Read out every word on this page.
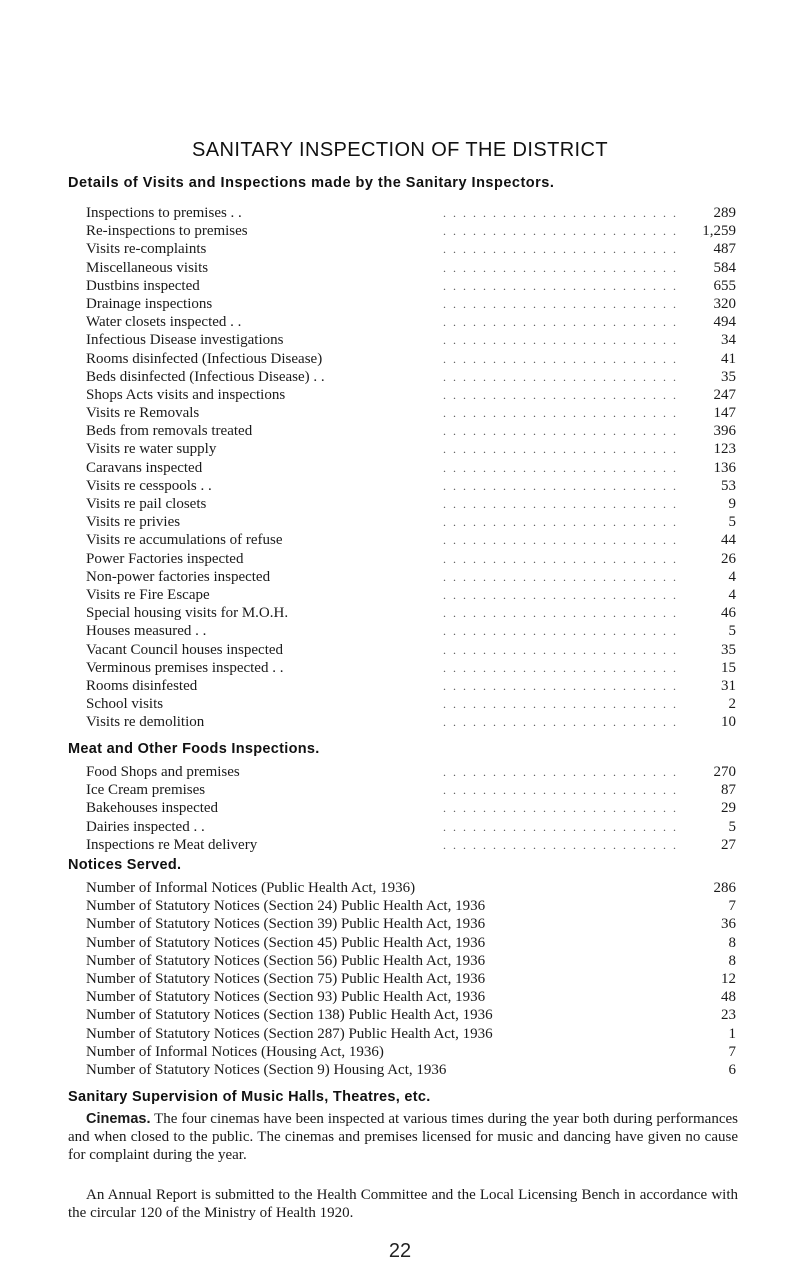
SANITARY INSPECTION OF THE DISTRICT
Details of Visits and Inspections made by the Sanitary Inspectors.
Inspections to premises . .	. . . . . . . . . . . . . . . . . . . . . . . .	289
Re-inspections to premises	. . . . . . . . . . . . . . . . . . . . . . . .	1,259
Visits re-complaints	. . . . . . . . . . . . . . . . . . . . . . . .	487
Miscellaneous visits	. . . . . . . . . . . . . . . . . . . . . . . .	584
Dustbins inspected	. . . . . . . . . . . . . . . . . . . . . . . .	655
Drainage inspections	. . . . . . . . . . . . . . . . . . . . . . . .	320
Water closets inspected . .	. . . . . . . . . . . . . . . . . . . . . . . .	494
Infectious Disease investigations	. . . . . . . . . . . . . . . . . . . . . . . .	34
Rooms disinfected (Infectious Disease)	. . . . . . . . . . . . . . . . . . . . . . . .	41
Beds disinfected (Infectious Disease) . .	. . . . . . . . . . . . . . . . . . . . . . . .	35
Shops Acts visits and inspections	. . . . . . . . . . . . . . . . . . . . . . . .	247
Visits re Removals	. . . . . . . . . . . . . . . . . . . . . . . .	147
Beds from removals treated	. . . . . . . . . . . . . . . . . . . . . . . .	396
Visits re water supply	. . . . . . . . . . . . . . . . . . . . . . . .	123
Caravans inspected	. . . . . . . . . . . . . . . . . . . . . . . .	136
Visits re cesspools . .	. . . . . . . . . . . . . . . . . . . . . . . .	53
Visits re pail closets	. . . . . . . . . . . . . . . . . . . . . . . .	9
Visits re privies	. . . . . . . . . . . . . . . . . . . . . . . .	5
Visits re accumulations of refuse	. . . . . . . . . . . . . . . . . . . . . . . .	44
Power Factories inspected	. . . . . . . . . . . . . . . . . . . . . . . .	26
Non-power factories inspected	. . . . . . . . . . . . . . . . . . . . . . . .	4
Visits re Fire Escape	. . . . . . . . . . . . . . . . . . . . . . . .	4
Special housing visits for M.O.H.	. . . . . . . . . . . . . . . . . . . . . . . .	46
Houses measured . .	. . . . . . . . . . . . . . . . . . . . . . . .	5
Vacant Council houses inspected	. . . . . . . . . . . . . . . . . . . . . . . .	35
Verminous premises inspected . .	. . . . . . . . . . . . . . . . . . . . . . . .	15
Rooms disinfested	. . . . . . . . . . . . . . . . . . . . . . . .	31
School visits	. . . . . . . . . . . . . . . . . . . . . . . .	2
Visits re demolition	. . . . . . . . . . . . . . . . . . . . . . . .	10
Meat and Other Foods Inspections.
Food Shops and premises	. . . . . . . . . . . . . . . . . . . . . . . .	270
Ice Cream premises	. . . . . . . . . . . . . . . . . . . . . . . .	87
Bakehouses inspected	. . . . . . . . . . . . . . . . . . . . . . . .	29
Dairies inspected . .	. . . . . . . . . . . . . . . . . . . . . . . .	5
Inspections re Meat delivery	. . . . . . . . . . . . . . . . . . . . . . . .	27
Notices Served.
Number of Informal Notices (Public Health Act, 1936)	286
Number of Statutory Notices (Section 24) Public Health Act, 1936	7
Number of Statutory Notices (Section 39) Public Health Act, 1936	36
Number of Statutory Notices (Section 45) Public Health Act, 1936	8
Number of Statutory Notices (Section 56) Public Health Act, 1936	8
Number of Statutory Notices (Section 75) Public Health Act, 1936	12
Number of Statutory Notices (Section 93) Public Health Act, 1936	48
Number of Statutory Notices (Section 138) Public Health Act, 1936	23
Number of Statutory Notices (Section 287) Public Health Act, 1936	1
Number of Informal Notices (Housing Act, 1936)	7
Number of Statutory Notices (Section 9) Housing Act, 1936	6
Sanitary Supervision of Music Halls, Theatres, etc.
Cinemas. The four cinemas have been inspected at various times during the year both during performances and when closed to the public. The cinemas and premises licensed for music and dancing have given no cause for complaint during the year.
An Annual Report is submitted to the Health Committee and the Local Licensing Bench in accordance with the circular 120 of the Ministry of Health 1920.
22
